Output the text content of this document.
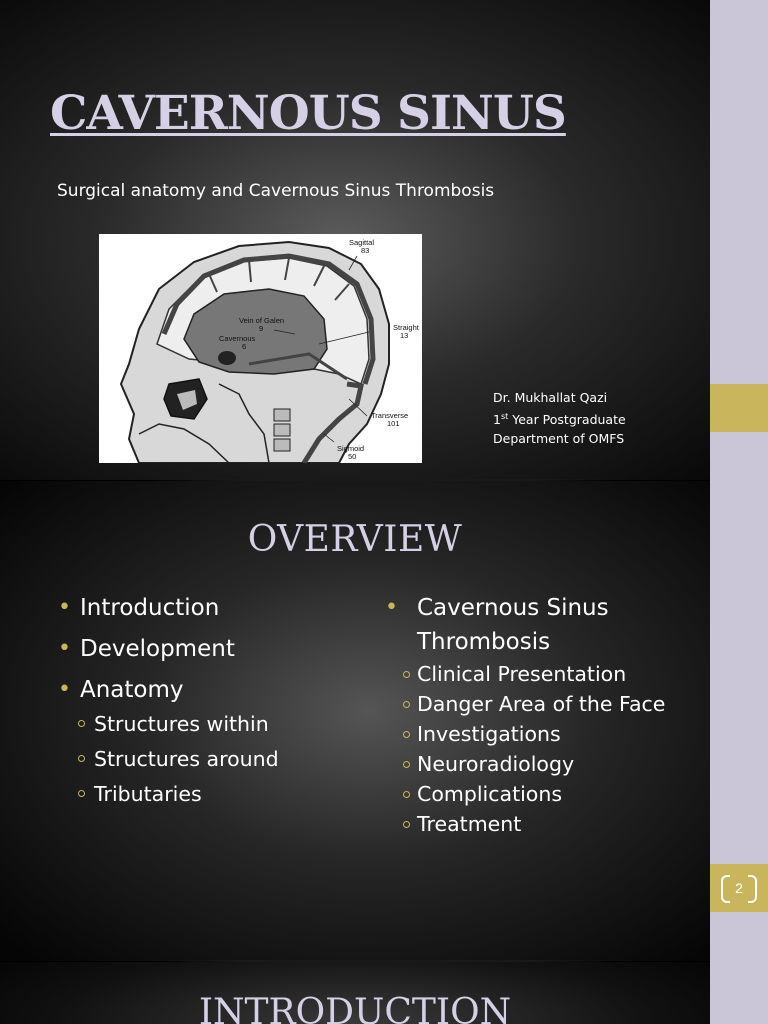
CAVERNOUS SINUS
Surgical anatomy and Cavernous Sinus Thrombosis
Sagittal
83
Vein of Galen
9
Cavernous
6
Straight
13
Transverse
101
Sigmoid
50
Dr. Mukhallat Qazi
1st Year Postgraduate
Department of OMFS
OVERVIEW
• Introduction
• Development
• Anatomy
Structures within
Structures around
Tributaries
• Cavernous Sinus
Thrombosis
Clinical Presentation
Danger Area of the Face
Investigations
Neuroradiology
Complications
Treatment
INTRODUCTION
2
